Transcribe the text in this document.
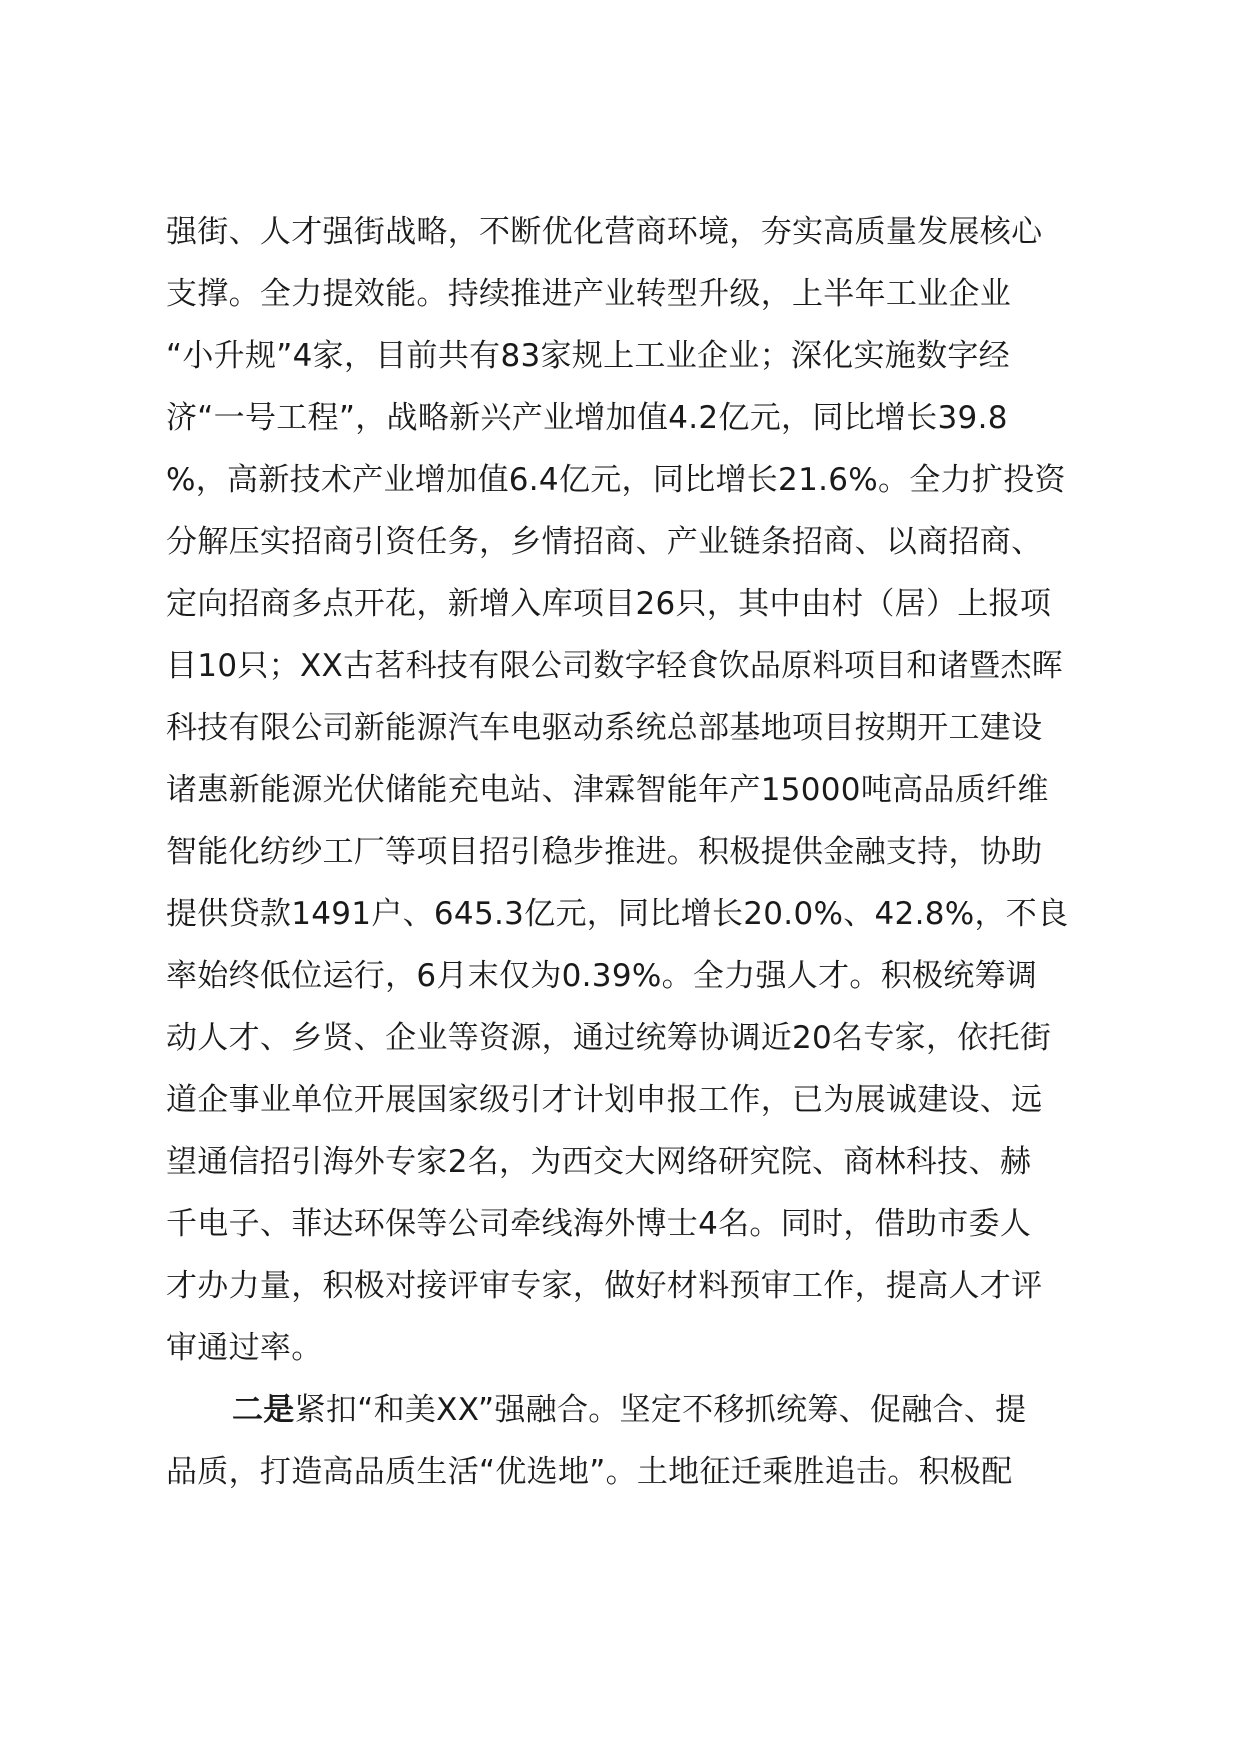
强街、人才强街战略，不断优化营商环境，夯实高质量发展核心
支撑。全力提效能。持续推进产业转型升级，上半年工业企业
“小升规”4家，目前共有83家规上工业企业；深化实施数字经
济“一号工程”，战略新兴产业增加值4.2亿元，同比增长39.8
%，高新技术产业增加值6.4亿元，同比增长21.6%。全力扩投资
分解压实招商引资任务，乡情招商、产业链条招商、以商招商、
定向招商多点开花，新增入库项目26只，其中由村（居）上报项
目10只；XX古茗科技有限公司数字轻食饮品原料项目和诸暨杰晖
科技有限公司新能源汽车电驱动系统总部基地项目按期开工建设
诸惠新能源光伏储能充电站、津霖智能年产15000吨高品质纤维
智能化纺纱工厂等项目招引稳步推进。积极提供金融支持，协助
提供贷款1491户、645.3亿元，同比增长20.0%、42.8%，不良
率始终低位运行，6月末仅为0.39%。全力强人才。积极统筹调
动人才、乡贤、企业等资源，通过统筹协调近20名专家，依托街
道企事业单位开展国家级引才计划申报工作，已为展诚建设、远
望通信招引海外专家2名，为西交大网络研究院、商林科技、赫
千电子、菲达环保等公司牵线海外博士4名。同时，借助市委人
才办力量，积极对接评审专家，做好材料预审工作，提高人才评
审通过率。
二是紧扣“和美XX”强融合。坚定不移抓统筹、促融合、提
品质，打造高品质生活“优选地”。土地征迁乘胜追击。积极配
